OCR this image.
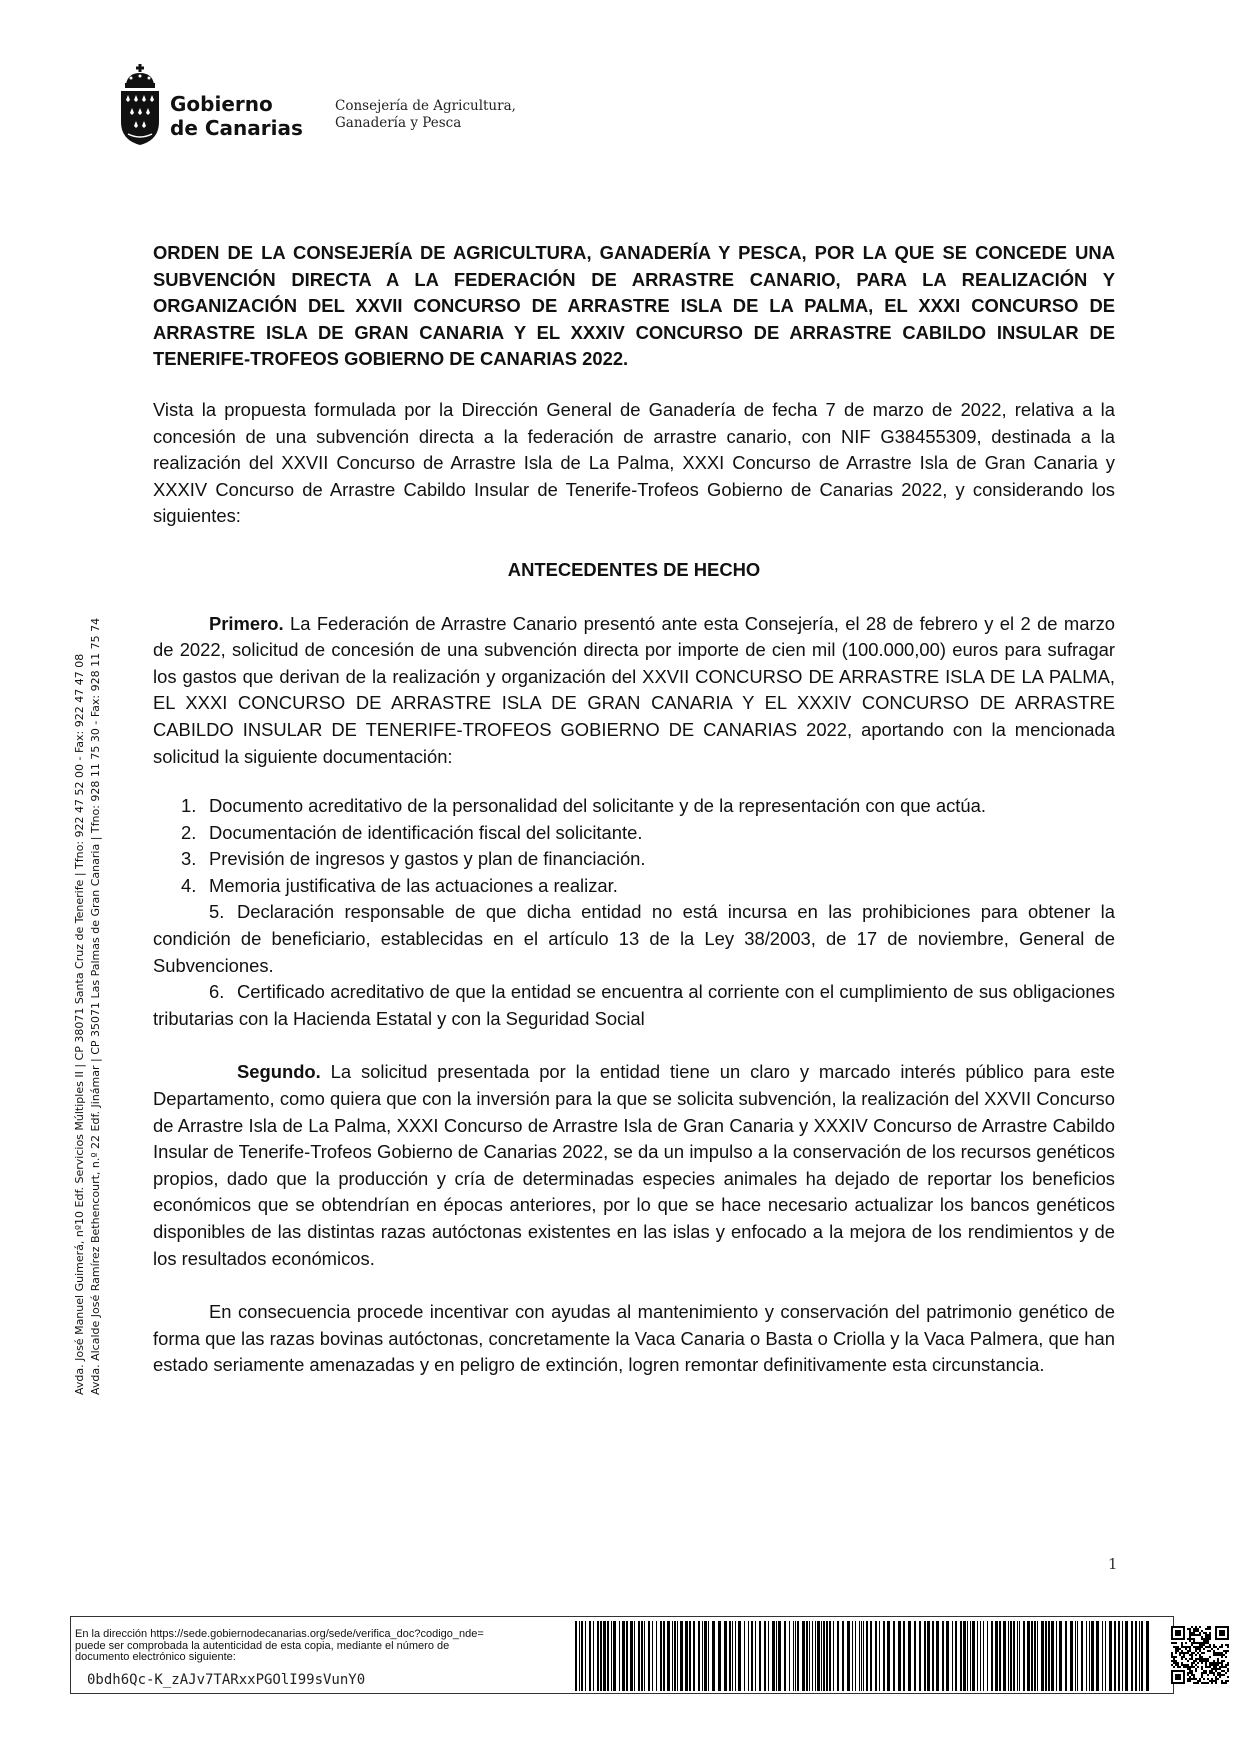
Gobierno
de Canarias
Consejería de Agricultura,
Ganadería y Pesca
Avda. José Manuel Guimerá, nº10 Edf. Servicios Múltiples II | CP 38071 Santa Cruz de Tenerife | Tfno: 922 47 52 00 - Fax: 922 47 47 08 Avda. Alcalde José Ramírez Bethencourt, n.º 22 Edf. Jinámar | CP 35071 Las Palmas de Gran Canaria | Tfno: 928 11 75 30 - Fax: 928 11 75 74

ORDEN DE LA CONSEJERÍA DE AGRICULTURA, GANADERÍA Y PESCA, POR LA QUE SE CONCEDE UNA SUBVENCIÓN DIRECTA A LA FEDERACIÓN DE ARRASTRE CANARIO, PARA LA REALIZACIÓN Y ORGANIZACIÓN DEL XXVII CONCURSO DE ARRASTRE ISLA DE LA PALMA, EL XXXI CONCURSO DE ARRASTRE ISLA DE GRAN CANARIA Y EL XXXIV CONCURSO DE ARRASTRE CABILDO INSULAR DE TENERIFE-TROFEOS GOBIERNO DE CANARIAS 2022.

Vista la propuesta formulada por la Dirección General de Ganadería de fecha 7 de marzo de 2022, relativa a la concesión de una subvención directa a la federación de arrastre canario, con NIF G38455309, destinada a la realización del XXVII Concurso de Arrastre Isla de La Palma, XXXI Concurso de Arrastre Isla de Gran Canaria y XXXIV Concurso de Arrastre Cabildo Insular de Tenerife-Trofeos Gobierno de Canarias 2022, y considerando los siguientes:

ANTECEDENTES DE HECHO

Primero. La Federación de Arrastre Canario presentó ante esta Consejería, el 28 de febrero y el 2 de marzo de 2022, solicitud de concesión de una subvención directa por importe de cien mil (100.000,00) euros para sufragar los gastos que derivan de la realización y organización del XXVII CONCURSO DE ARRASTRE ISLA DE LA PALMA, EL XXXI CONCURSO DE ARRASTRE ISLA DE GRAN CANARIA Y EL XXXIV CONCURSO DE ARRASTRE CABILDO INSULAR DE TENERIFE-TROFEOS GOBIERNO DE CANARIAS 2022, aportando con la mencionada solicitud la siguiente documentación:

1. Documento acreditativo de la personalidad del solicitante y de la representación con que actúa.
2. Documentación de identificación fiscal del solicitante.
3. Previsión de ingresos y gastos y plan de financiación.
4. Memoria justificativa de las actuaciones a realizar.
5. Declaración responsable de que dicha entidad no está incursa en las prohibiciones para obtener la condición de beneficiario, establecidas en el artículo 13 de la Ley 38/2003, de 17 de noviembre, General de Subvenciones.
6. Certificado acreditativo de que la entidad se encuentra al corriente con el cumplimiento de sus obligaciones tributarias con la Hacienda Estatal y con la Seguridad Social

Segundo. La solicitud presentada por la entidad tiene un claro y marcado interés público para este Departamento, como quiera que con la inversión para la que se solicita subvención, la realización del XXVII Concurso de Arrastre Isla de La Palma, XXXI Concurso de Arrastre Isla de Gran Canaria y XXXIV Concurso de Arrastre Cabildo Insular de Tenerife-Trofeos Gobierno de Canarias 2022, se da un impulso a la conservación de los recursos genéticos propios, dado que la producción y cría de determinadas especies animales ha dejado de reportar los beneficios económicos que se obtendrían en épocas anteriores, por lo que se hace necesario actualizar los bancos genéticos disponibles de las distintas razas autóctonas existentes en las islas y enfocado a la mejora de los rendimientos y de los resultados económicos.

En consecuencia procede incentivar con ayudas al mantenimiento y conservación del patrimonio genético de forma que las razas bovinas autóctonas, concretamente la Vaca Canaria o Basta o Criolla y la Vaca Palmera, que han estado seriamente amenazadas y en peligro de extinción, logren remontar definitivamente esta circunstancia.

1
En la dirección https://sede.gobiernodecanarias.org/sede/verifica_doc?codigo_nde=
puede ser comprobada la autenticidad de esta copia, mediante el número de
documento electrónico siguiente:
0bdh6Qc-K_zAJv7TARxxPGOlI99sVunY0
